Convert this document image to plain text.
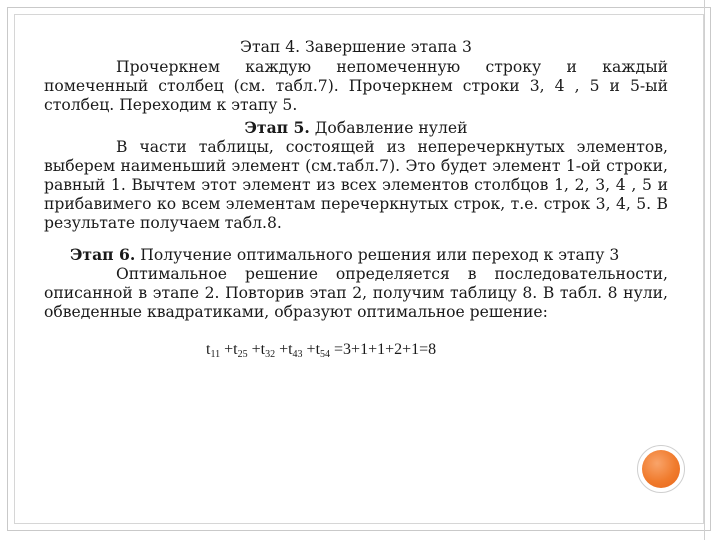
Этап 4. Завершение этапа 3

Прочеркнем каждую непомеченную строку и каждый помеченный столбец (см. табл.7). Прочеркнем строки 3, 4 , 5 и 5-ый столбец. Переходим к этапу 5.

Этап 5. Добавление нулей

В части таблицы, состоящей из неперечеркнутых элементов, выберем наименьший элемент (см.табл.7). Это будет элемент 1-ой строки, равный 1. Вычтем этот элемент из всех элементов столбцов 1, 2, 3, 4 , 5 и прибавимего ко всем элементам перечеркнутых строк, т.е. строк 3, 4, 5. В результате получаем табл.8.

Этап 6. Получение оптимального решения или переход к этапу 3

Оптимальное решение определяется в последовательности, описанной в этапе 2. Повторив этап 2, получим таблицу 8. В табл. 8 нули, обведенные квадратиками, образуют оптимальное решение:

$t_{11} +t_{25} +t_{32} +t_{43} +t_{54} =3+1+1+2+1=8$
